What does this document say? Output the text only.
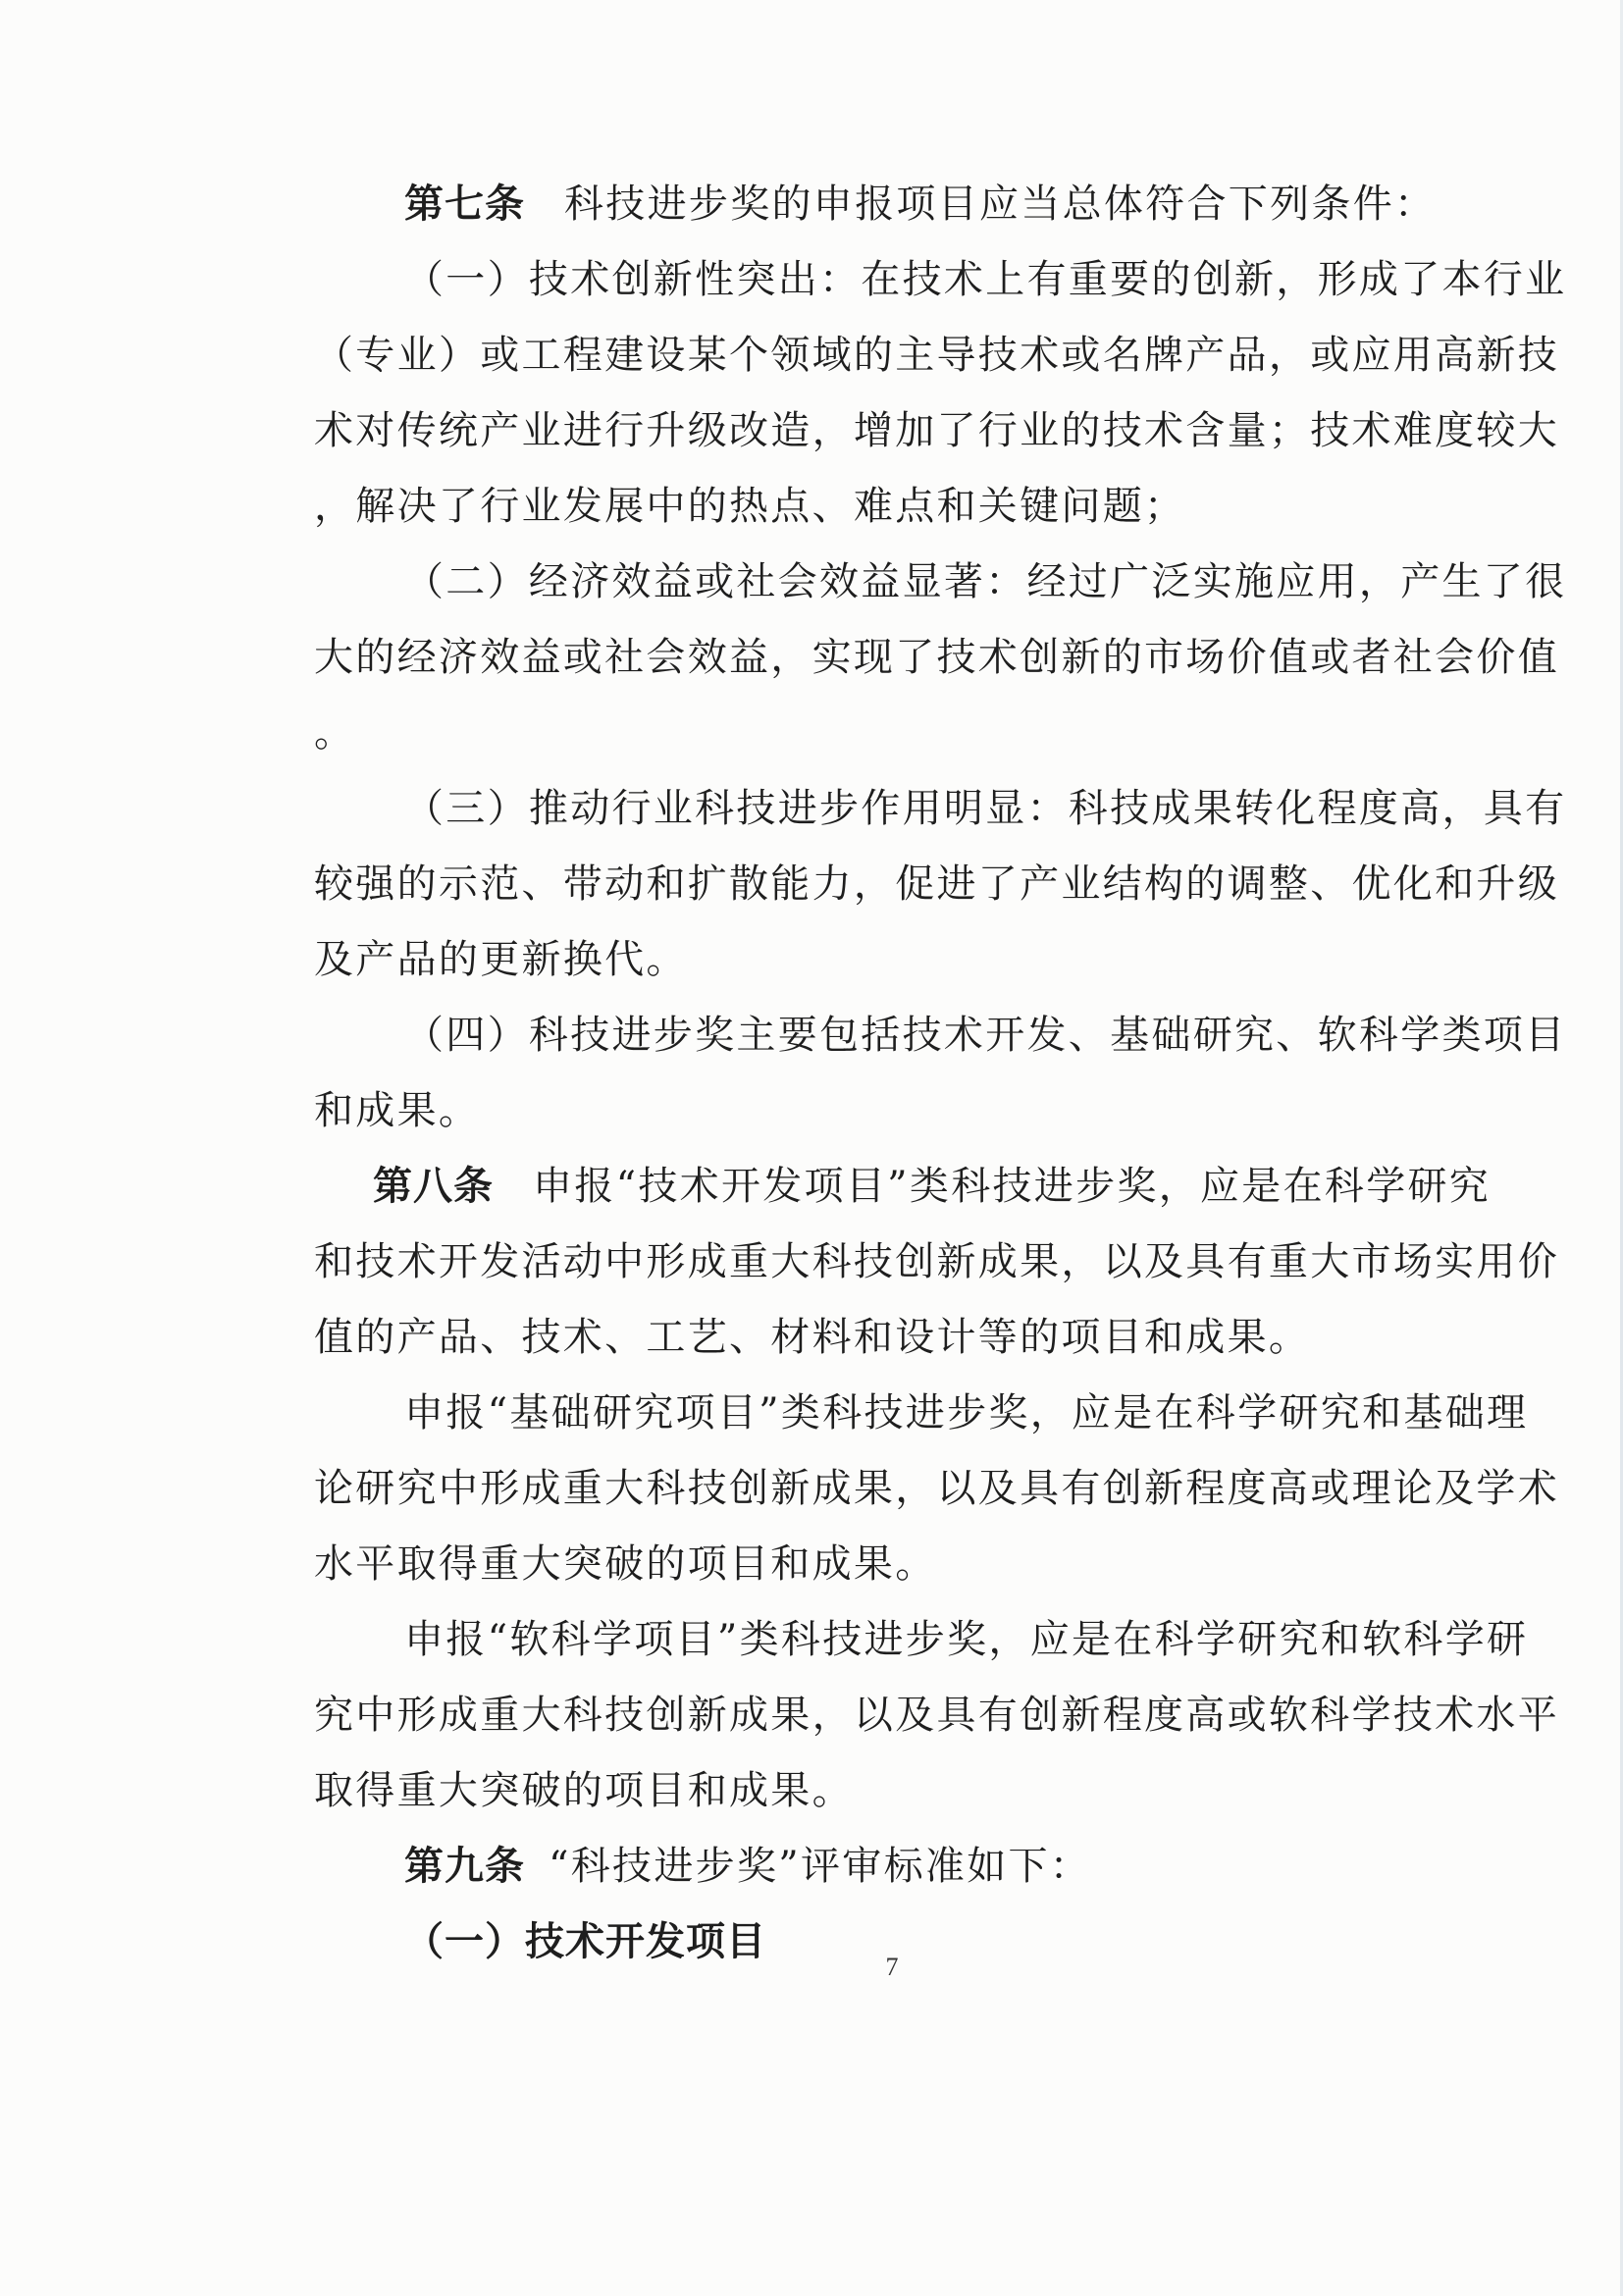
第七条 科技进步奖的申报项目应当总体符合下列条件：
（一）技术创新性突出：在技术上有重要的创新，形成了本行业
（专业）或工程建设某个领域的主导技术或名牌产品，或应用高新技
术对传统产业进行升级改造，增加了行业的技术含量；技术难度较大
，解决了行业发展中的热点、难点和关键问题；
（二）经济效益或社会效益显著：经过广泛实施应用，产生了很
大的经济效益或社会效益，实现了技术创新的市场价值或者社会价值
。
（三）推动行业科技进步作用明显：科技成果转化程度高，具有
较强的示范、带动和扩散能力，促进了产业结构的调整、优化和升级
及产品的更新换代。
（四）科技进步奖主要包括技术开发、基础研究、软科学类项目
和成果。
第八条 申报“技术开发项目”类科技进步奖，应是在科学研究
和技术开发活动中形成重大科技创新成果，以及具有重大市场实用价
值的产品、技术、工艺、材料和设计等的项目和成果。
申报“基础研究项目”类科技进步奖，应是在科学研究和基础理
论研究中形成重大科技创新成果，以及具有创新程度高或理论及学术
水平取得重大突破的项目和成果。
申报“软科学项目”类科技进步奖，应是在科学研究和软科学研
究中形成重大科技创新成果，以及具有创新程度高或软科学技术水平
取得重大突破的项目和成果。
第九条 “科技进步奖”评审标准如下：
（一）技术开发项目
7
